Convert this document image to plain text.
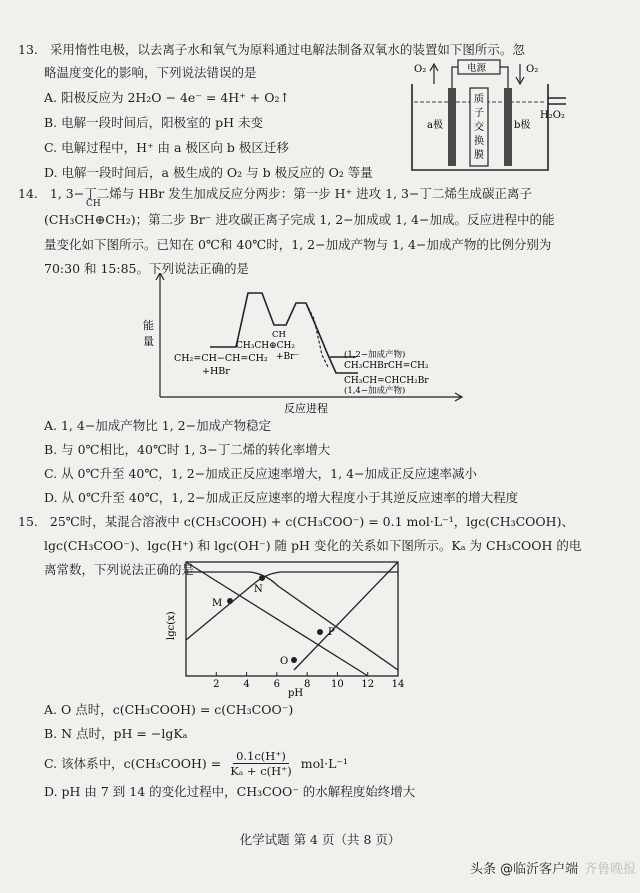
13. 采用惰性电极，以去离子水和氧气为原料通过电解法制备双氧水的装置如下图所示。忽
略温度变化的影响，下列说法错误的是
A. 阳极反应为 2H₂O − 4e⁻ = 4H⁺ + O₂↑
B. 电解一段时间后，阳极室的 pH 未变
C. 电解过程中，H⁺ 由 a 极区向 b 极区迁移
D. 电解一段时间后，a 极生成的 O₂ 与 b 极反应的 O₂ 等量
O₂	O₂
电源
H₂O₂
a极	b极
质
子
交
换
膜
14. 1, 3−丁二烯与 HBr 发生加成反应分两步：第一步 H⁺ 进攻 1, 3−丁二烯生成碳正离子
CH
(CH₃CH⊕CH₂)；第二步 Br⁻ 进攻碳正离子完成 1, 2−加成或 1, 4−加成。反应进程中的能
量变化如下图所示。已知在 0℃和 40℃时，1, 2−加成产物与 1, 4−加成产物的比例分别为
70:30 和 15:85。下列说法正确的是
能
量
CH₂=CH−CH=CH₂
+HBr
CH
CH₃CH⊕CH₂
+Br⁻	(1,2−加成产物)
CH₃CHBrCH=CH₂
CH₃CH=CHCH₂Br
(1,4−加成产物)
反应进程
A. 1, 4−加成产物比 1, 2−加成产物稳定
B. 与 0℃相比，40℃时 1, 3−丁二烯的转化率增大
C. 从 0℃升至 40℃，1, 2−加成正反应速率增大，1, 4−加成正反应速率减小
D. 从 0℃升至 40℃，1, 2−加成正反应速率的增大程度小于其逆反应速率的增大程度
15. 25℃时，某混合溶液中 c(CH₃COOH) + c(CH₃COO⁻) = 0.1 mol·L⁻¹，lgc(CH₃COOH)、
lgc(CH₃COO⁻)、lgc(H⁺) 和 lgc(OH⁻) 随 pH 变化的关系如下图所示。Kₐ 为 CH₃COOH 的电
离常数，下列说法正确的是
M
N
P
O
lgc(x)
2 4 6 8 10 12 14
pH
A. O 点时，c(CH₃COOH) = c(CH₃COO⁻)
B. N 点时，pH = −lgKₐ
C. 该体系中，c(CH₃COOH) = $\frac{0.1c(H^+)}{\text{Kₐ + c(H⁺)}} mol\cdot L^{-1}$
D. pH 由 7 到 14 的变化过程中，CH₃COO⁻ 的水解程度始终增大
化学试题 第 4 页（共 8 页）
头条 @临沂客户端 齐鲁晚报
